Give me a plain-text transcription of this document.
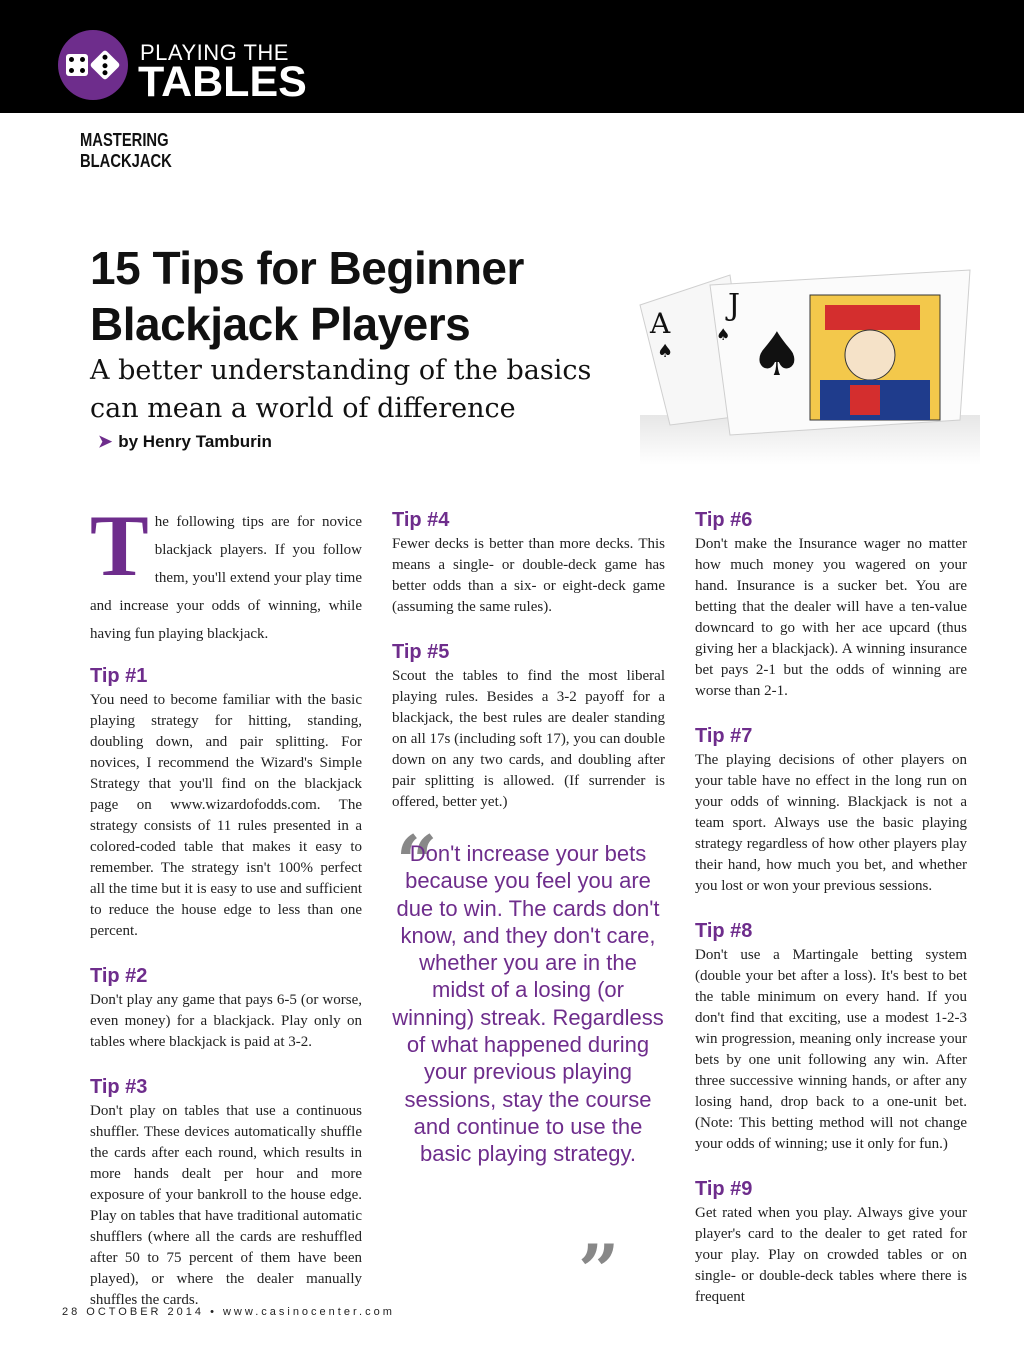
PLAYING THE
TABLES
MASTERING
BLACKJACK
15 Tips for Beginner
Blackjack Players
A better understanding of the basics
can mean a world of difference
➤ by Henry Tamburin
A
♠
J
♠ ♠
The following tips are for novice blackjack players. If you follow them, you'll extend your play time and increase your odds of winning, while having fun playing blackjack.
Tip #1
You need to become familiar with the basic playing strategy for hitting, standing, doubling down, and pair splitting. For novices, I recommend the Wizard's Simple Strategy that you'll find on the blackjack page on www.wizardofodds.com. The strategy consists of 11 rules presented in a colored-coded table that makes it easy to remember. The strategy isn't 100% perfect all the time but it is easy to use and sufficient to reduce the house edge to less than one percent.
Tip #2
Don't play any game that pays 6-5 (or worse, even money) for a blackjack. Play only on tables where blackjack is paid at 3-2.
Tip #3
Don't play on tables that use a continuous shuffler. These devices automatically shuffle the cards after each round, which results in more hands dealt per hour and more exposure of your bankroll to the house edge. Play on tables that have traditional automatic shufflers (where all the cards are reshuffled after 50 to 75 percent of them have been played), or where the dealer manually shuffles the cards.
Tip #4
Fewer decks is better than more decks. This means a single- or double-deck game has better odds than a six- or eight-deck game (assuming the same rules).
Tip #5
Scout the tables to find the most liberal playing rules. Besides a 3-2 payoff for a blackjack, the best rules are dealer standing on all 17s (including soft 17), you can double down on any two cards, and doubling after pair splitting is allowed. (If surrender is offered, better yet.)
“
Don't increase your bets because you feel you are due to win. The cards don't know, and they don't care, whether you are in the midst of a losing (or winning) streak. Regardless of what happened during your previous playing sessions, stay the course and continue to use the basic playing strategy.
”
Tip #6
Don't make the Insurance wager no matter how much money you wagered on your hand. Insurance is a sucker bet. You are betting that the dealer will have a ten-value downcard to go with her ace upcard (thus giving her a blackjack). A winning insurance bet pays 2-1 but the odds of winning are worse than 2-1.
Tip #7
The playing decisions of other players on your table have no effect in the long run on your odds of winning. Blackjack is not a team sport. Always use the basic playing strategy regardless of how other players play their hand, how much you bet, and whether you lost or won your previous sessions.
Tip #8
Don't use a Martingale betting system (double your bet after a loss). It's best to bet the table minimum on every hand. If you don't find that exciting, use a modest 1-2-3 win progression, meaning only increase your bets by one unit following any win. After three successive winning hands, or after any losing hand, drop back to a one-unit bet. (Note: This betting method will not change your odds of winning; use it only for fun.)
Tip #9
Get rated when you play. Always give your player's card to the dealer to get rated for your play. Play on crowded tables or on single- or double-deck tables where there is frequent
28 OCTOBER 2014 • www.casinocenter.com
